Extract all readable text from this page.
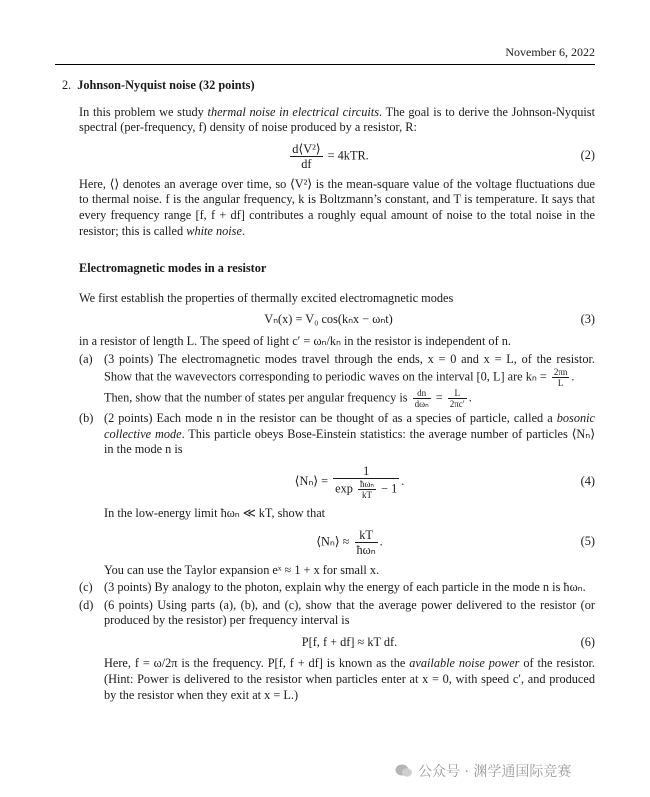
November 6, 2022
2. Johnson-Nyquist noise (32 points)

In this problem we study thermal noise in electrical circuits. The goal is to derive the Johnson-Nyquist spectral (per-frequency, f) density of noise produced by a resistor, R:

$\frac{\text{d⟨V²⟩}}{df} = 4kTR$.	(2)

Here, ⟨⟩ denotes an average over time, so ⟨V²⟩ is the mean-square value of the voltage fluctuations due to thermal noise. f is the angular frequency, k is Boltzmann’s constant, and T is temperature. It says that every frequency range [f, f + df] contributes a roughly equal amount of noise to the total noise in the resistor; this is called white noise.

Electromagnetic modes in a resistor

We first establish the properties of thermally excited electromagnetic modes

Vₙ(x) = V₀ cos(kₙx − ωₙt)	(3)

in a resistor of length L. The speed of light c′ = ωₙ/kₙ in the resistor is independent of n.

(a) (3 points) The electromagnetic modes travel through the ends, x = 0 and x = L, of the resistor. Show that the wavevectors corresponding to periodic waves on the interval [0, L] are $k_n = \frac{2\pi n}{L}$ .

Then, show that the number of states per angular frequency is $\frac{dn}{\text{dωₙ}} = \frac{L}{2\pi c'}$ .

(b) (2 points) Each mode n in the resistor can be thought of as a species of particle, called a bosonic collective mode. This particle obeys Bose-Einstein statistics: the average number of particles ⟨Nₙ⟩ in the mode n is

⟨Nₙ⟩ = $\frac{1}{\exp \frac{\text{ħωₙ}}{kT} - 1}$ .	(4)

In the low-energy limit ħωₙ ≪ kT, show that

⟨Nₙ⟩ ≈ $\frac{kT}{\text{ħωₙ}}$ .	(5)

You can use the Taylor expansion eˣ ≈ 1 + x for small x.

(c) (3 points) By analogy to the photon, explain why the energy of each particle in the mode n is ħωₙ.

(d) (6 points) Using parts (a), (b), and (c), show that the average power delivered to the resistor (or produced by the resistor) per frequency interval is

P[f, f + df] ≈ kT df.	(6)

Here, f = ω/2π is the frequency. P[f, f + df] is known as the available noise power of the resistor. (Hint: Power is delivered to the resistor when particles enter at x = 0, with speed c′, and produced by the resistor when they exit at x = L.)

公众号 · 渊学通国际竞赛
